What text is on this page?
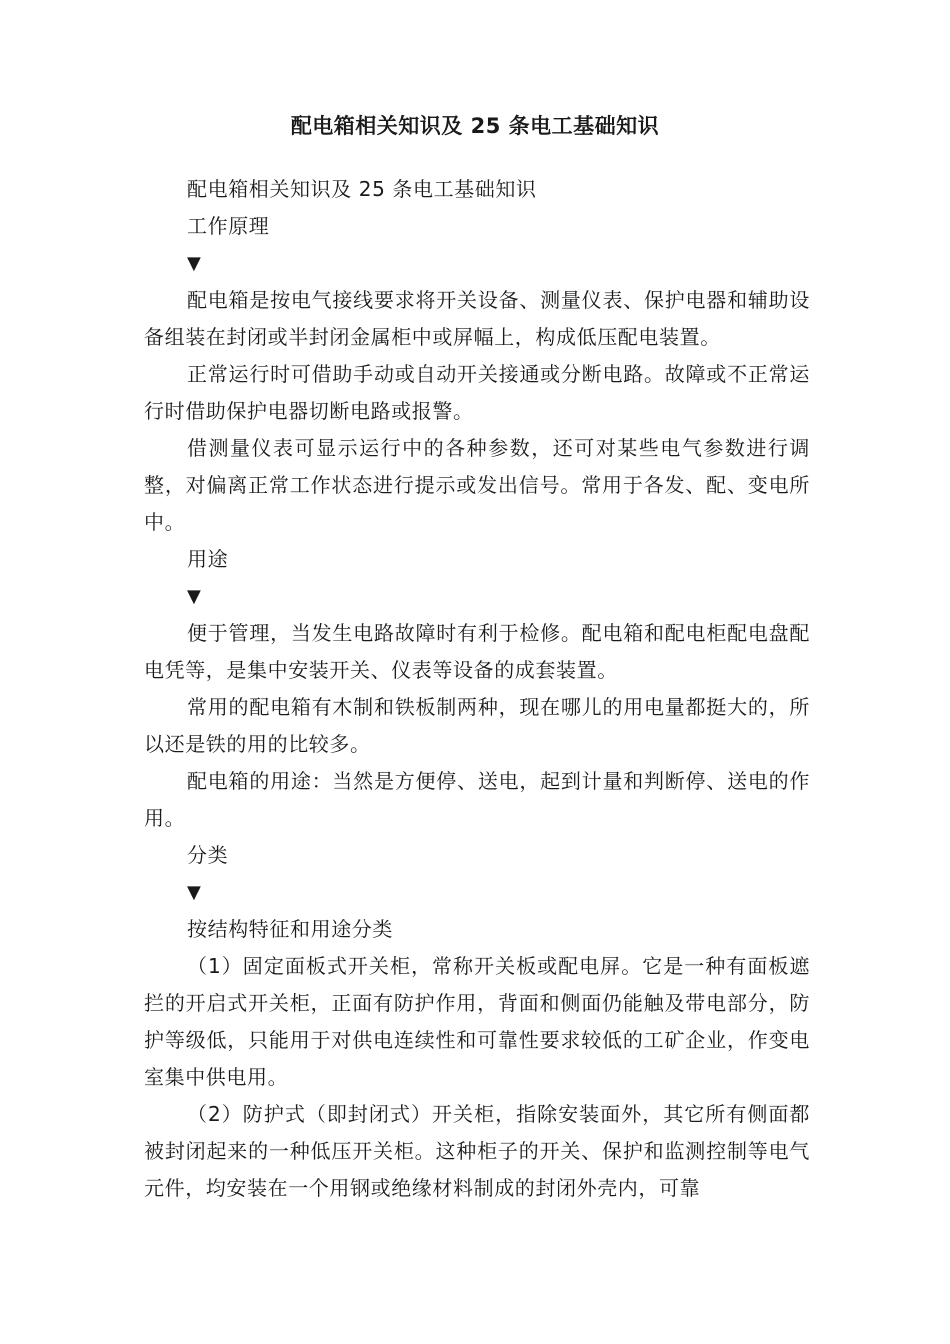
配电箱相关知识及 25 条电工基础知识

配电箱相关知识及 25 条电工基础知识

工作原理

▼

配电箱是按电气接线要求将开关设备、测量仪表、保护电器和辅助设备组装在封闭或半封闭金属柜中或屏幅上，构成低压配电装置。

正常运行时可借助手动或自动开关接通或分断电路。故障或不正常运行时借助保护电器切断电路或报警。

借测量仪表可显示运行中的各种参数，还可对某些电气参数进行调整，对偏离正常工作状态进行提示或发出信号。常用于各发、配、变电所中。

用途

▼

便于管理，当发生电路故障时有利于检修。配电箱和配电柜配电盘配电凭等，是集中安装开关、仪表等设备的成套装置。

常用的配电箱有木制和铁板制两种，现在哪儿的用电量都挺大的，所以还是铁的用的比较多。

配电箱的用途：当然是方便停、送电，起到计量和判断停、送电的作用。

分类

▼

按结构特征和用途分类

（1）固定面板式开关柜，常称开关板或配电屏。它是一种有面板遮拦的开启式开关柜，正面有防护作用，背面和侧面仍能触及带电部分，防护等级低，只能用于对供电连续性和可靠性要求较低的工矿企业，作变电室集中供电用。

（2）防护式（即封闭式）开关柜，指除安装面外，其它所有侧面都被封闭起来的一种低压开关柜。这种柜子的开关、保护和监测控制等电气元件，均安装在一个用钢或绝缘材料制成的封闭外壳内，可靠
